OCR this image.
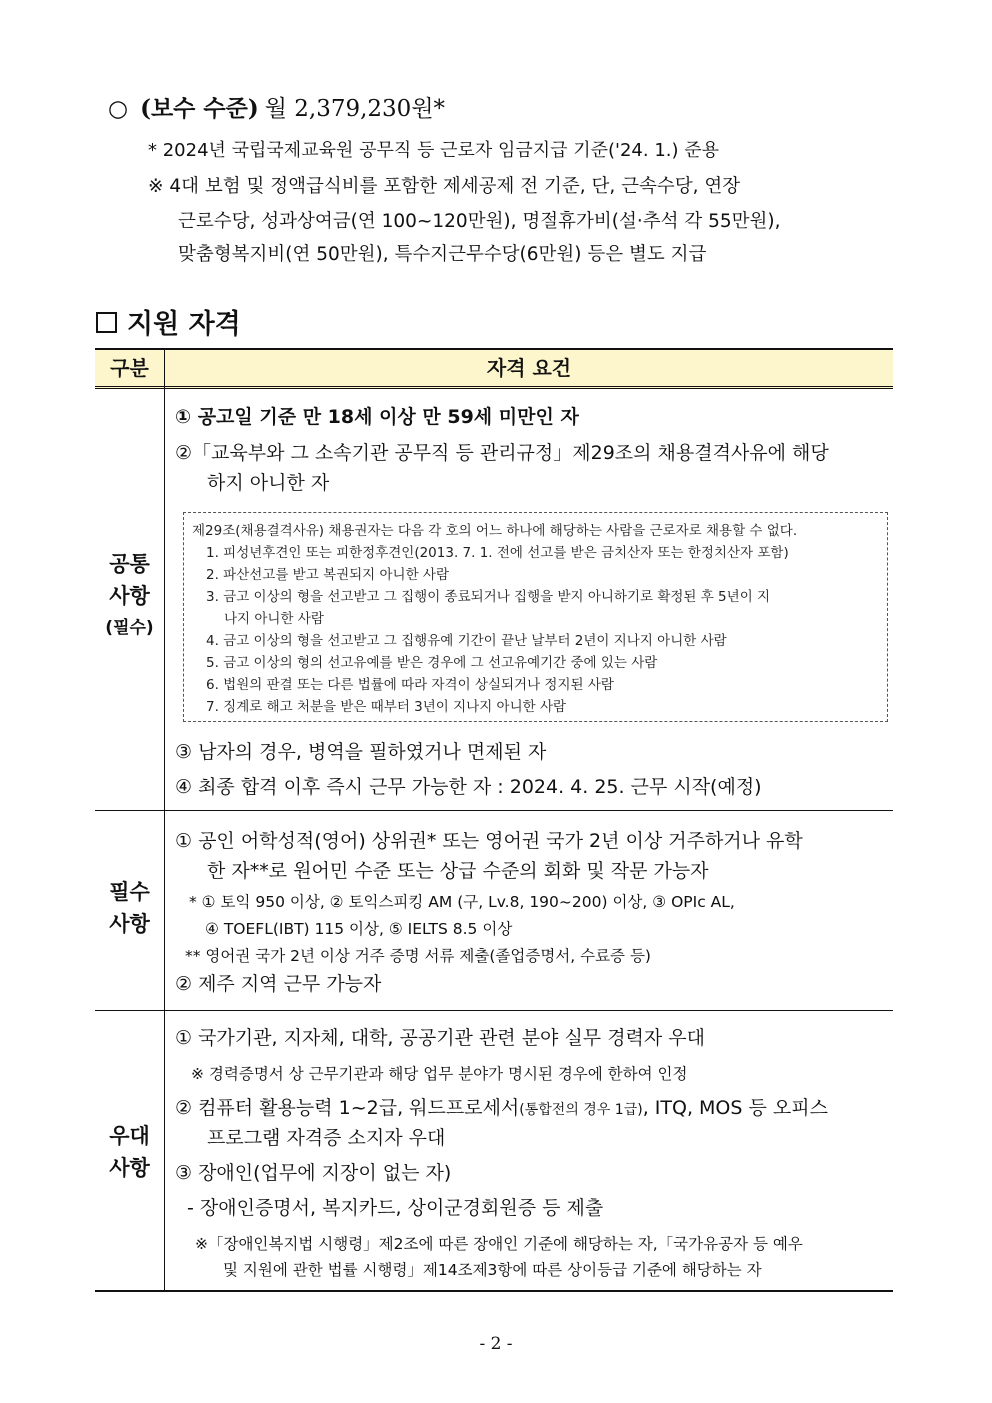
○ (보수 수준) 월 2,379,230원*
* 2024년 국립국제교육원 공무직 등 근로자 임금지급 기준('24. 1.) 준용
※ 4대 보험 및 정액급식비를 포함한 제세공제 전 기준, 단, 근속수당, 연장
근로수당, 성과상여금(연 100~120만원), 명절휴가비(설·추석 각 55만원),
맞춤형복지비(연 50만원), 특수지근무수당(6만원) 등은 별도 지급
지원 자격
구분	자격 요건
공통
사항
(필수)
① 공고일 기준 만 18세 이상 만 59세 미만인 자
②「교육부와 그 소속기관 공무직 등 관리규정」제29조의 채용결격사유에 해당
하지 아니한 자
제29조(채용결격사유) 채용권자는 다음 각 호의 어느 하나에 해당하는 사람을 근로자로 채용할 수 없다.
1. 피성년후견인 또는 피한정후견인(2013. 7. 1. 전에 선고를 받은 금치산자 또는 한정치산자 포함)
2. 파산선고를 받고 복권되지 아니한 사람
3. 금고 이상의 형을 선고받고 그 집행이 종료되거나 집행을 받지 아니하기로 확정된 후 5년이 지
나지 아니한 사람
4. 금고 이상의 형을 선고받고 그 집행유예 기간이 끝난 날부터 2년이 지나지 아니한 사람
5. 금고 이상의 형의 선고유예를 받은 경우에 그 선고유예기간 중에 있는 사람
6. 법원의 판결 또는 다른 법률에 따라 자격이 상실되거나 정지된 사람
7. 징계로 해고 처분을 받은 때부터 3년이 지나지 아니한 사람
③ 남자의 경우, 병역을 필하였거나 면제된 자
④ 최종 합격 이후 즉시 근무 가능한 자 : 2024. 4. 25. 근무 시작(예정)
필수
사항
① 공인 어학성적(영어) 상위권* 또는 영어권 국가 2년 이상 거주하거나 유학
한 자**로 원어민 수준 또는 상급 수준의 회화 및 작문 가능자
* ① 토익 950 이상, ② 토익스피킹 AM (구, Lv.8, 190~200) 이상, ③ OPIc AL,
④ TOEFL(IBT) 115 이상, ⑤ IELTS 8.5 이상
** 영어권 국가 2년 이상 거주 증명 서류 제출(졸업증명서, 수료증 등)
② 제주 지역 근무 가능자
우대
사항
① 국가기관, 지자체, 대학, 공공기관 관련 분야 실무 경력자 우대
※ 경력증명서 상 근무기관과 해당 업무 분야가 명시된 경우에 한하여 인정
② 컴퓨터 활용능력 1~2급, 워드프로세서(통합전의 경우 1급), ITQ, MOS 등 오피스
프로그램 자격증 소지자 우대
③ 장애인(업무에 지장이 없는 자)
- 장애인증명서, 복지카드, 상이군경회원증 등 제출
※「장애인복지법 시행령」제2조에 따른 장애인 기준에 해당하는 자,「국가유공자 등 예우
및 지원에 관한 법률 시행령」제14조제3항에 따른 상이등급 기준에 해당하는 자
- 2 -
